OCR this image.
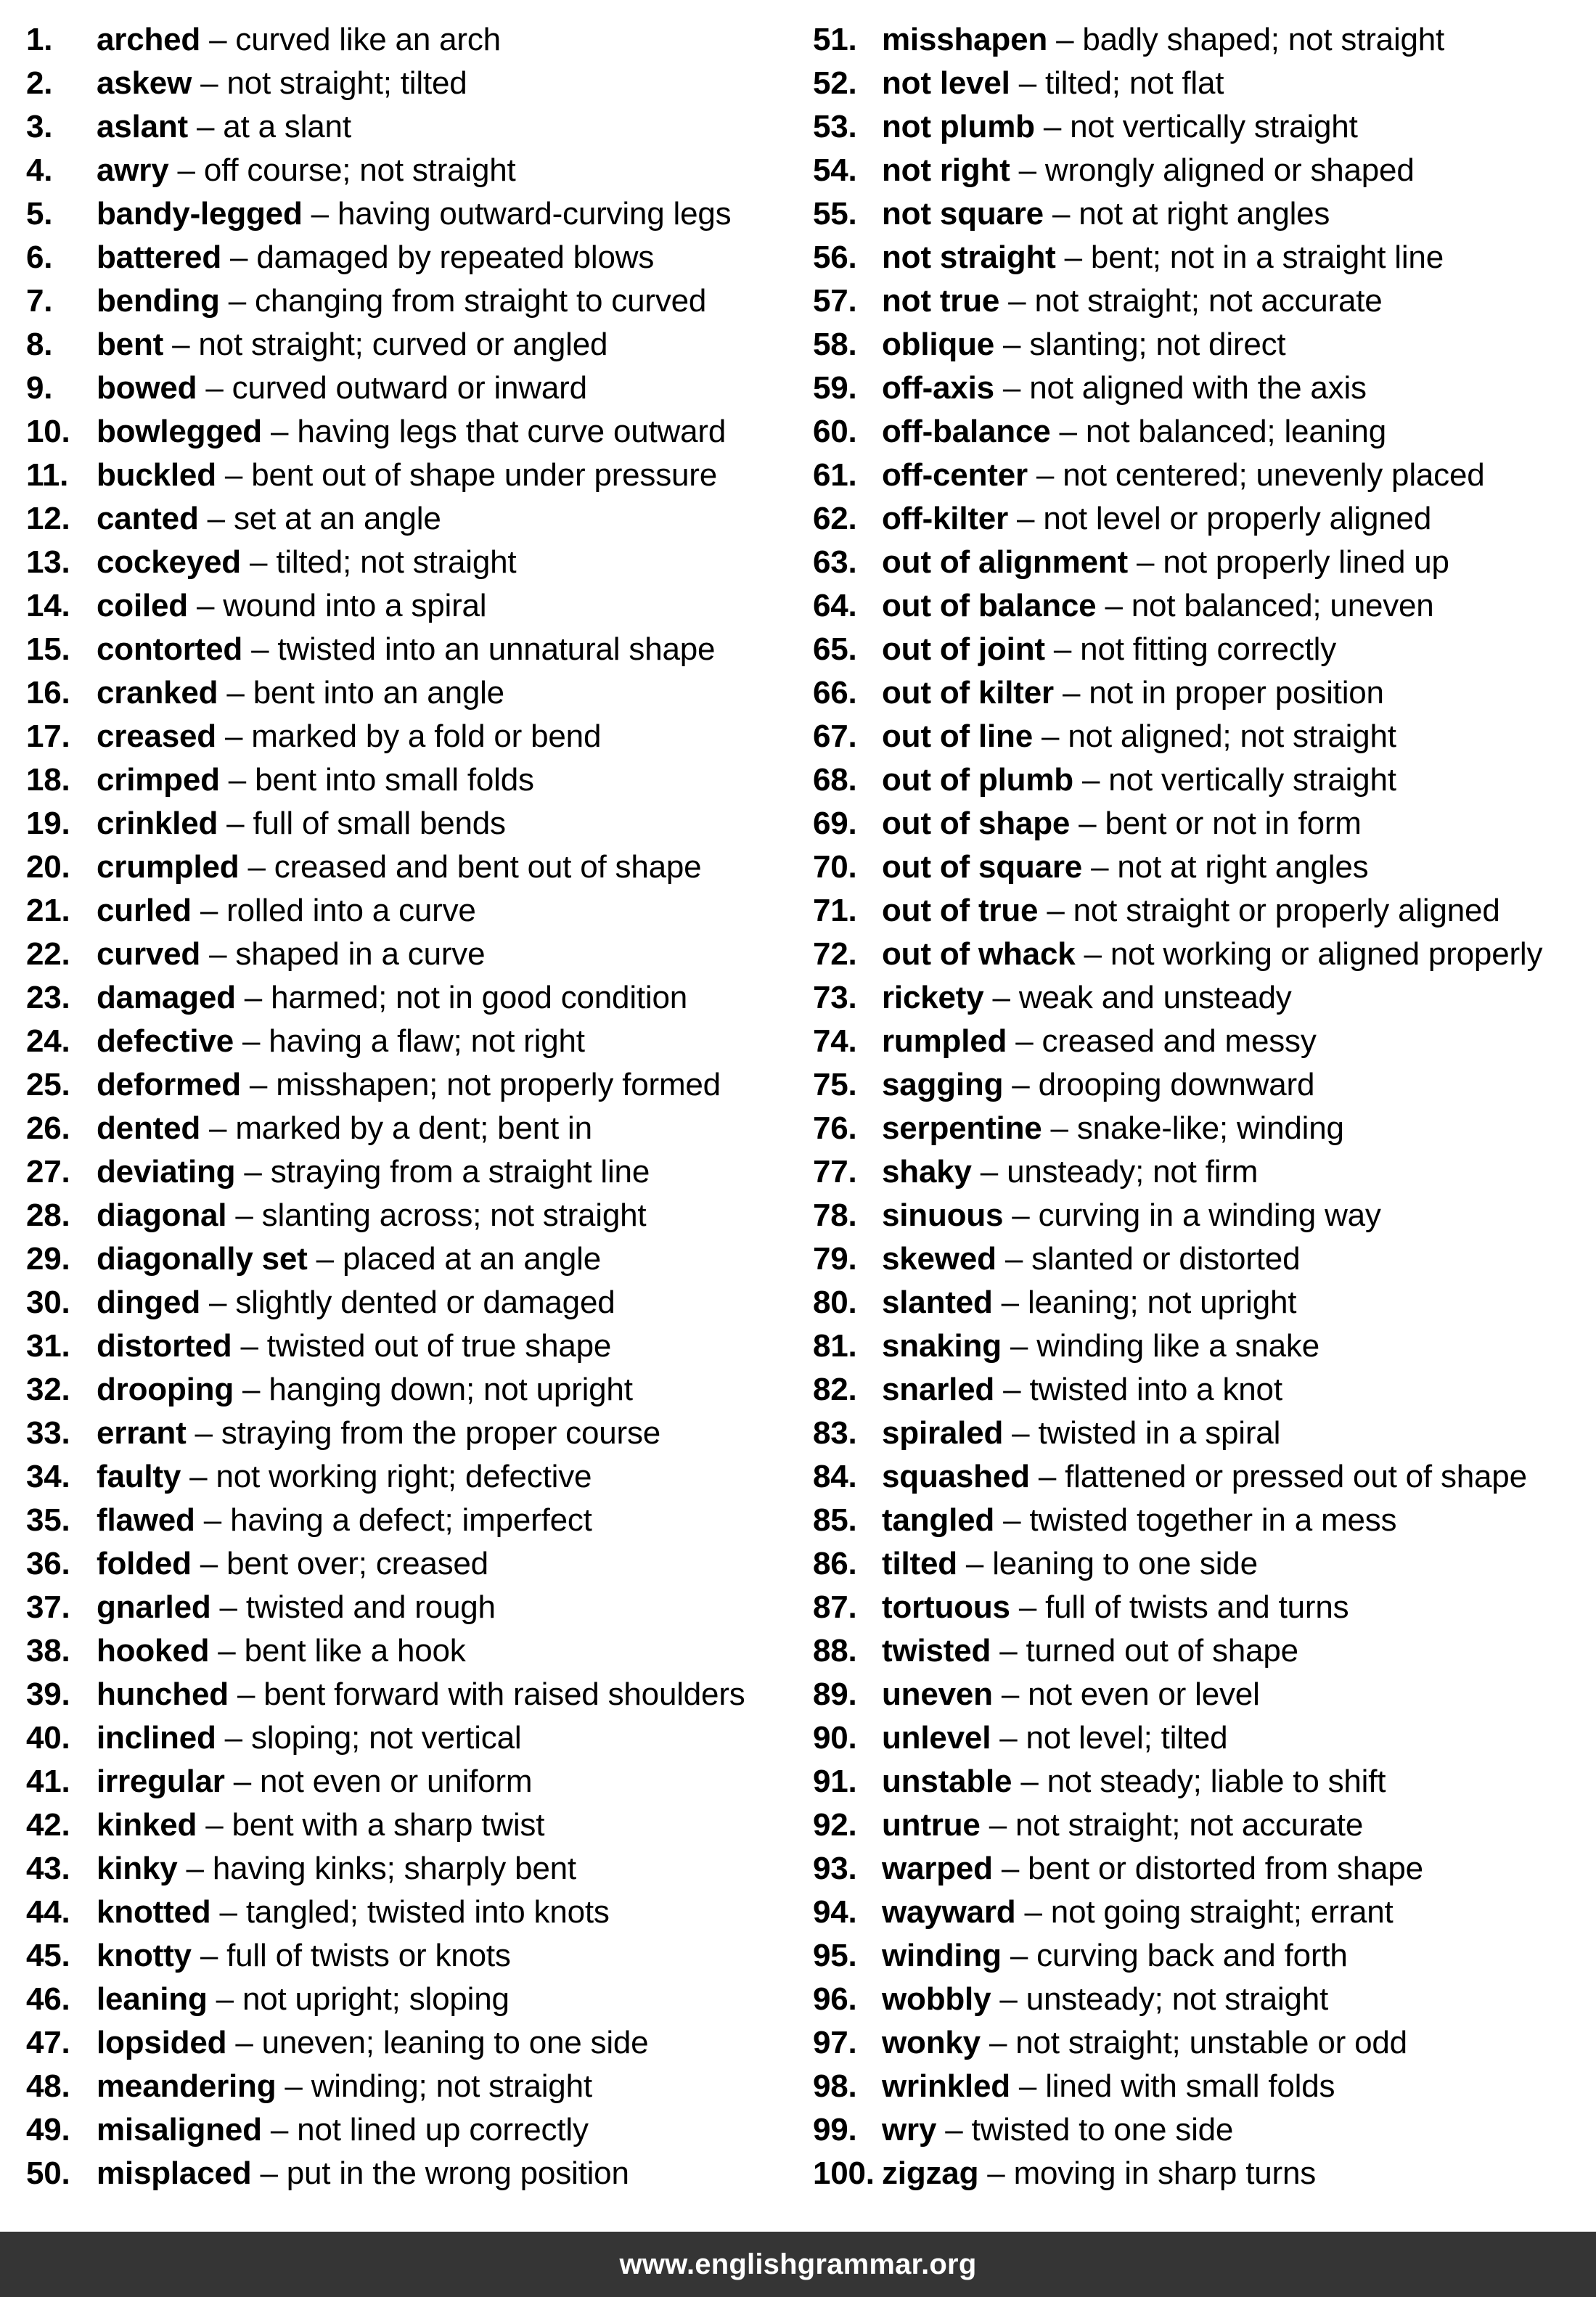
1. arched – curved like an arch
2. askew – not straight; tilted
3. aslant – at a slant
4. awry – off course; not straight
5. bandy-legged – having outward-curving legs
6. battered – damaged by repeated blows
7. bending – changing from straight to curved
8. bent – not straight; curved or angled
9. bowed – curved outward or inward
10. bowlegged – having legs that curve outward
11. buckled – bent out of shape under pressure
12. canted – set at an angle
13. cockeyed – tilted; not straight
14. coiled – wound into a spiral
15. contorted – twisted into an unnatural shape
16. cranked – bent into an angle
17. creased – marked by a fold or bend
18. crimped – bent into small folds
19. crinkled – full of small bends
20. crumpled – creased and bent out of shape
21. curled – rolled into a curve
22. curved – shaped in a curve
23. damaged – harmed; not in good condition
24. defective – having a flaw; not right
25. deformed – misshapen; not properly formed
26. dented – marked by a dent; bent in
27. deviating – straying from a straight line
28. diagonal – slanting across; not straight
29. diagonally set – placed at an angle
30. dinged – slightly dented or damaged
31. distorted – twisted out of true shape
32. drooping – hanging down; not upright
33. errant – straying from the proper course
34. faulty – not working right; defective
35. flawed – having a defect; imperfect
36. folded – bent over; creased
37. gnarled – twisted and rough
38. hooked – bent like a hook
39. hunched – bent forward with raised shoulders
40. inclined – sloping; not vertical
41. irregular – not even or uniform
42. kinked – bent with a sharp twist
43. kinky – having kinks; sharply bent
44. knotted – tangled; twisted into knots
45. knotty – full of twists or knots
46. leaning – not upright; sloping
47. lopsided – uneven; leaning to one side
48. meandering – winding; not straight
49. misaligned – not lined up correctly
50. misplaced – put in the wrong position
51. misshapen – badly shaped; not straight
52. not level – tilted; not flat
53. not plumb – not vertically straight
54. not right – wrongly aligned or shaped
55. not square – not at right angles
56. not straight – bent; not in a straight line
57. not true – not straight; not accurate
58. oblique – slanting; not direct
59. off-axis – not aligned with the axis
60. off-balance – not balanced; leaning
61. off-center – not centered; unevenly placed
62. off-kilter – not level or properly aligned
63. out of alignment – not properly lined up
64. out of balance – not balanced; uneven
65. out of joint – not fitting correctly
66. out of kilter – not in proper position
67. out of line – not aligned; not straight
68. out of plumb – not vertically straight
69. out of shape – bent or not in form
70. out of square – not at right angles
71. out of true – not straight or properly aligned
72. out of whack – not working or aligned properly
73. rickety – weak and unsteady
74. rumpled – creased and messy
75. sagging – drooping downward
76. serpentine – snake-like; winding
77. shaky – unsteady; not firm
78. sinuous – curving in a winding way
79. skewed – slanted or distorted
80. slanted – leaning; not upright
81. snaking – winding like a snake
82. snarled – twisted into a knot
83. spiraled – twisted in a spiral
84. squashed – flattened or pressed out of shape
85. tangled – twisted together in a mess
86. tilted – leaning to one side
87. tortuous – full of twists and turns
88. twisted – turned out of shape
89. uneven – not even or level
90. unlevel – not level; tilted
91. unstable – not steady; liable to shift
92. untrue – not straight; not accurate
93. warped – bent or distorted from shape
94. wayward – not going straight; errant
95. winding – curving back and forth
96. wobbly – unsteady; not straight
97. wonky – not straight; unstable or odd
98. wrinkled – lined with small folds
99. wry – twisted to one side
100. zigzag – moving in sharp turns
www.englishgrammar.org
